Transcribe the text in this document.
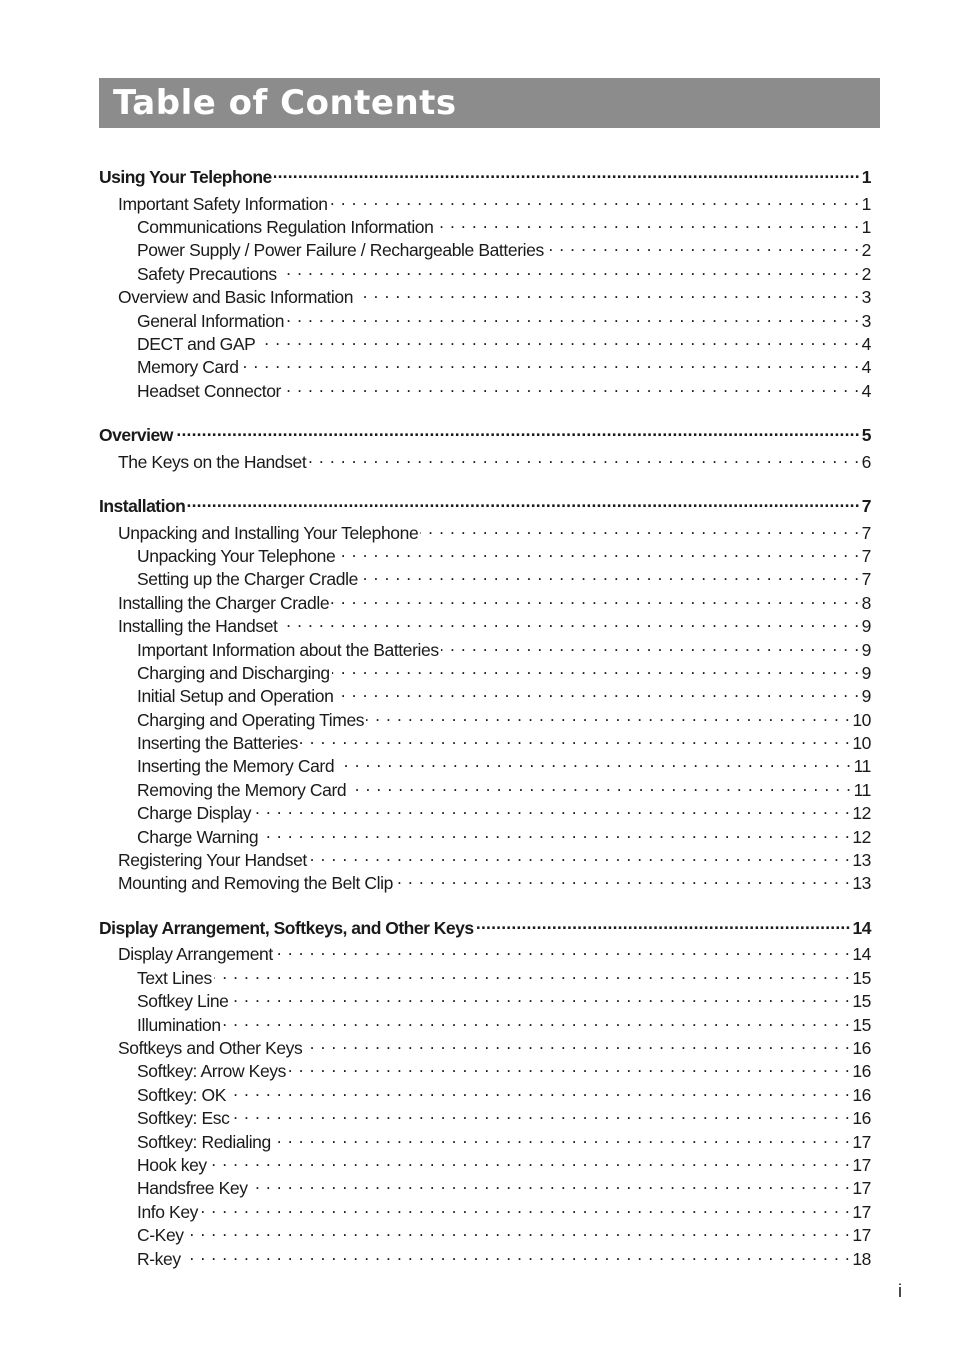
Table of Contents
Using Your Telephone .....	1
Important Safety Information . . .	1
Communications Regulation Information . . .	1
Power Supply / Power Failure / Rechargeable Batteries . . .	2
Safety Precautions . . .	2
Overview and Basic Information . . .	3
General Information . . .	3
DECT and GAP . . .	4
Memory Card . . .	4
Headset Connector . . .	4
Overview .....	5
The Keys on the Handset . . .	6
Installation .....	7
Unpacking and Installing Your Telephone . . .	7
Unpacking Your Telephone . . .	7
Setting up the Charger Cradle . . .	7
Installing the Charger Cradle . . .	8
Installing the Handset . . .	9
Important Information about the Batteries . . .	9
Charging and Discharging . . .	9
Initial Setup and Operation . . .	9
Charging and Operating Times . . .	10
Inserting the Batteries . . .	10
Inserting the Memory Card . . .	11
Removing the Memory Card . . .	11
Charge Display . . .	12
Charge Warning . . .	12
Registering Your Handset . . .	13
Mounting and Removing the Belt Clip . . .	13
Display Arrangement, Softkeys, and Other Keys .....	14
Display Arrangement . . .	14
Text Lines . . .	15
Softkey Line . . .	15
Illumination . . .	15
Softkeys and Other Keys . . .	16
Softkey: Arrow Keys . . .	16
Softkey: OK . . .	16
Softkey: Esc . . .	16
Softkey: Redialing . . .	17
Hook key . . .	17
Handsfree Key . . .	17
Info Key . . .	17
C-Key . . .	17
R-key . . .	18
i
